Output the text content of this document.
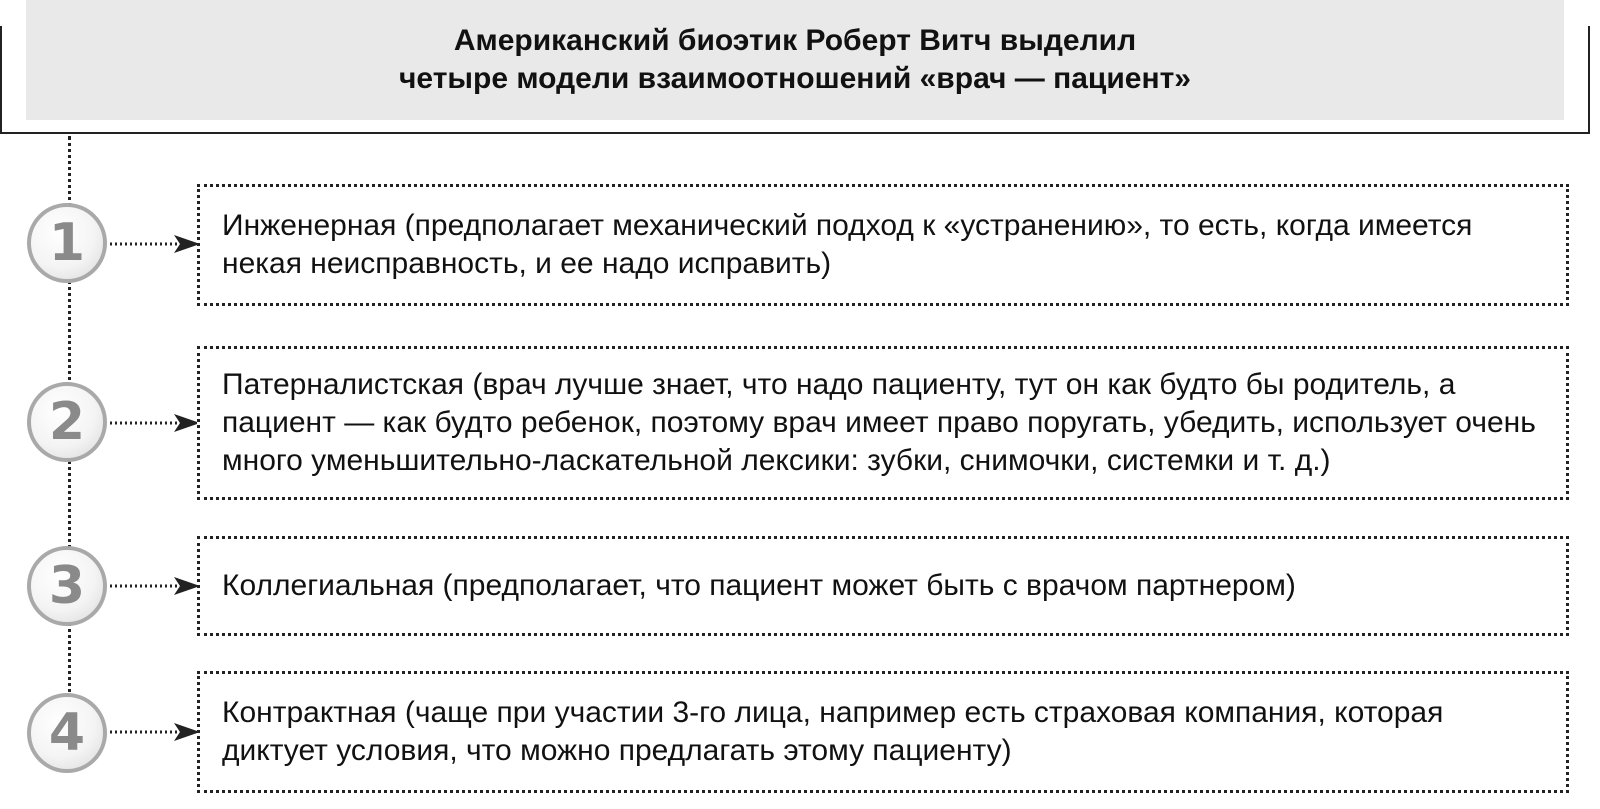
Американский биоэтик Роберт Витч выделил
четыре модели взаимоотношений «врач — пациент»
1	Инженерная (предполагает механический подход к «устранению», то есть, когда имеется некая неисправность, и ее надо исправить)
2
Патерналистская (врач лучше знает, что надо пациенту, тут он как будто бы родитель, а пациент — как будто ребенок, поэтому врач имеет право поругать, убедить, использует очень много уменьшительно-ласкательной лексики: зубки, снимочки, системки и т. д.)
3	Коллегиальная (предполагает, что пациент может быть с врачом партнером)
4	Контрактная (чаще при участии 3-го лица, например есть страховая компания, которая диктует условия, что можно предлагать этому пациенту)
